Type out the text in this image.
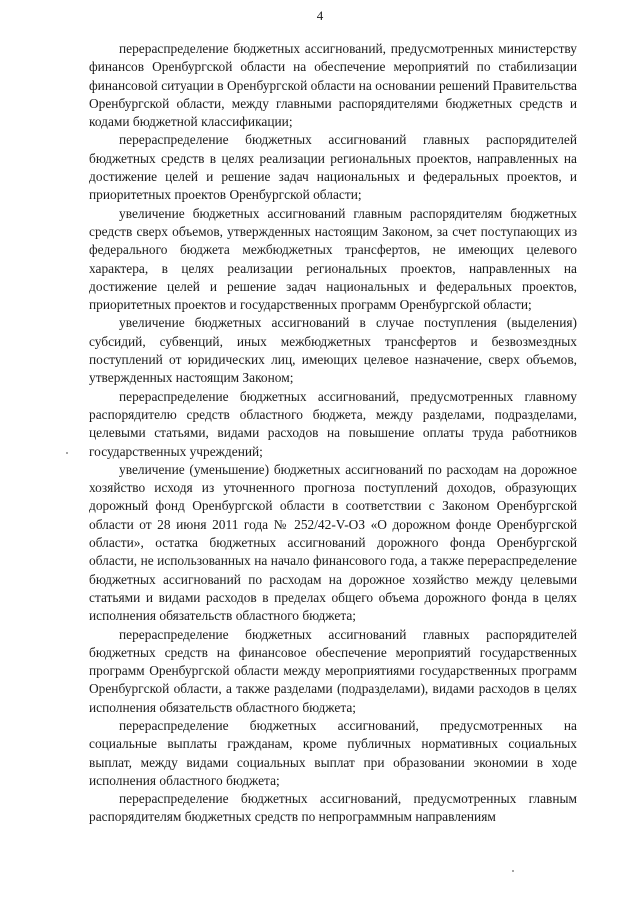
4

перераспределение бюджетных ассигнований, предусмотренных министерству финансов Оренбургской области на обеспечение мероприятий по стабилизации финансовой ситуации в Оренбургской области на основании решений Правительства Оренбургской области, между главными распорядителями бюджетных средств и кодами бюджетной классификации;

перераспределение бюджетных ассигнований главных распорядителей бюджетных средств в целях реализации региональных проектов, направленных на достижение целей и решение задач национальных и федеральных проектов, и приоритетных проектов Оренбургской области;

увеличение бюджетных ассигнований главным распорядителям бюджетных средств сверх объемов, утвержденных настоящим Законом, за счет поступающих из федерального бюджета межбюджетных трансфертов, не имеющих целевого характера, в целях реализации региональных проектов, направленных на достижение целей и решение задач национальных и федеральных проектов, приоритетных проектов и государственных программ Оренбургской области;

увеличение бюджетных ассигнований в случае поступления (выделения) субсидий, субвенций, иных межбюджетных трансфертов и безвозмездных поступлений от юридических лиц, имеющих целевое назначение, сверх объемов, утвержденных настоящим Законом;

перераспределение бюджетных ассигнований, предусмотренных главному распорядителю средств областного бюджета, между разделами, подразделами, целевыми статьями, видами расходов на повышение оплаты труда работников государственных учреждений;

увеличение (уменьшение) бюджетных ассигнований по расходам на дорожное хозяйство исходя из уточненного прогноза поступлений доходов, образующих дорожный фонд Оренбургской области в соответствии с Законом Оренбургской области от 28 июня 2011 года № 252/42-V-ОЗ «О дорожном фонде Оренбургской области», остатка бюджетных ассигнований дорожного фонда Оренбургской области, не использованных на начало финансового года, а также перераспределение бюджетных ассигнований по расходам на дорожное хозяйство между целевыми статьями и видами расходов в пределах общего объема дорожного фонда в целях исполнения обязательств областного бюджета;

перераспределение бюджетных ассигнований главных распорядителей бюджетных средств на финансовое обеспечение мероприятий государственных программ Оренбургской области между мероприятиями государственных программ Оренбургской области, а также разделами (подразделами), видами расходов в целях исполнения обязательств областного бюджета;

перераспределение бюджетных ассигнований, предусмотренных на социальные выплаты гражданам, кроме публичных нормативных социальных выплат, между видами социальных выплат при образовании экономии в ходе исполнения областного бюджета;

перераспределение бюджетных ассигнований, предусмотренных главным распорядителям бюджетных средств по непрограммным направлениям
